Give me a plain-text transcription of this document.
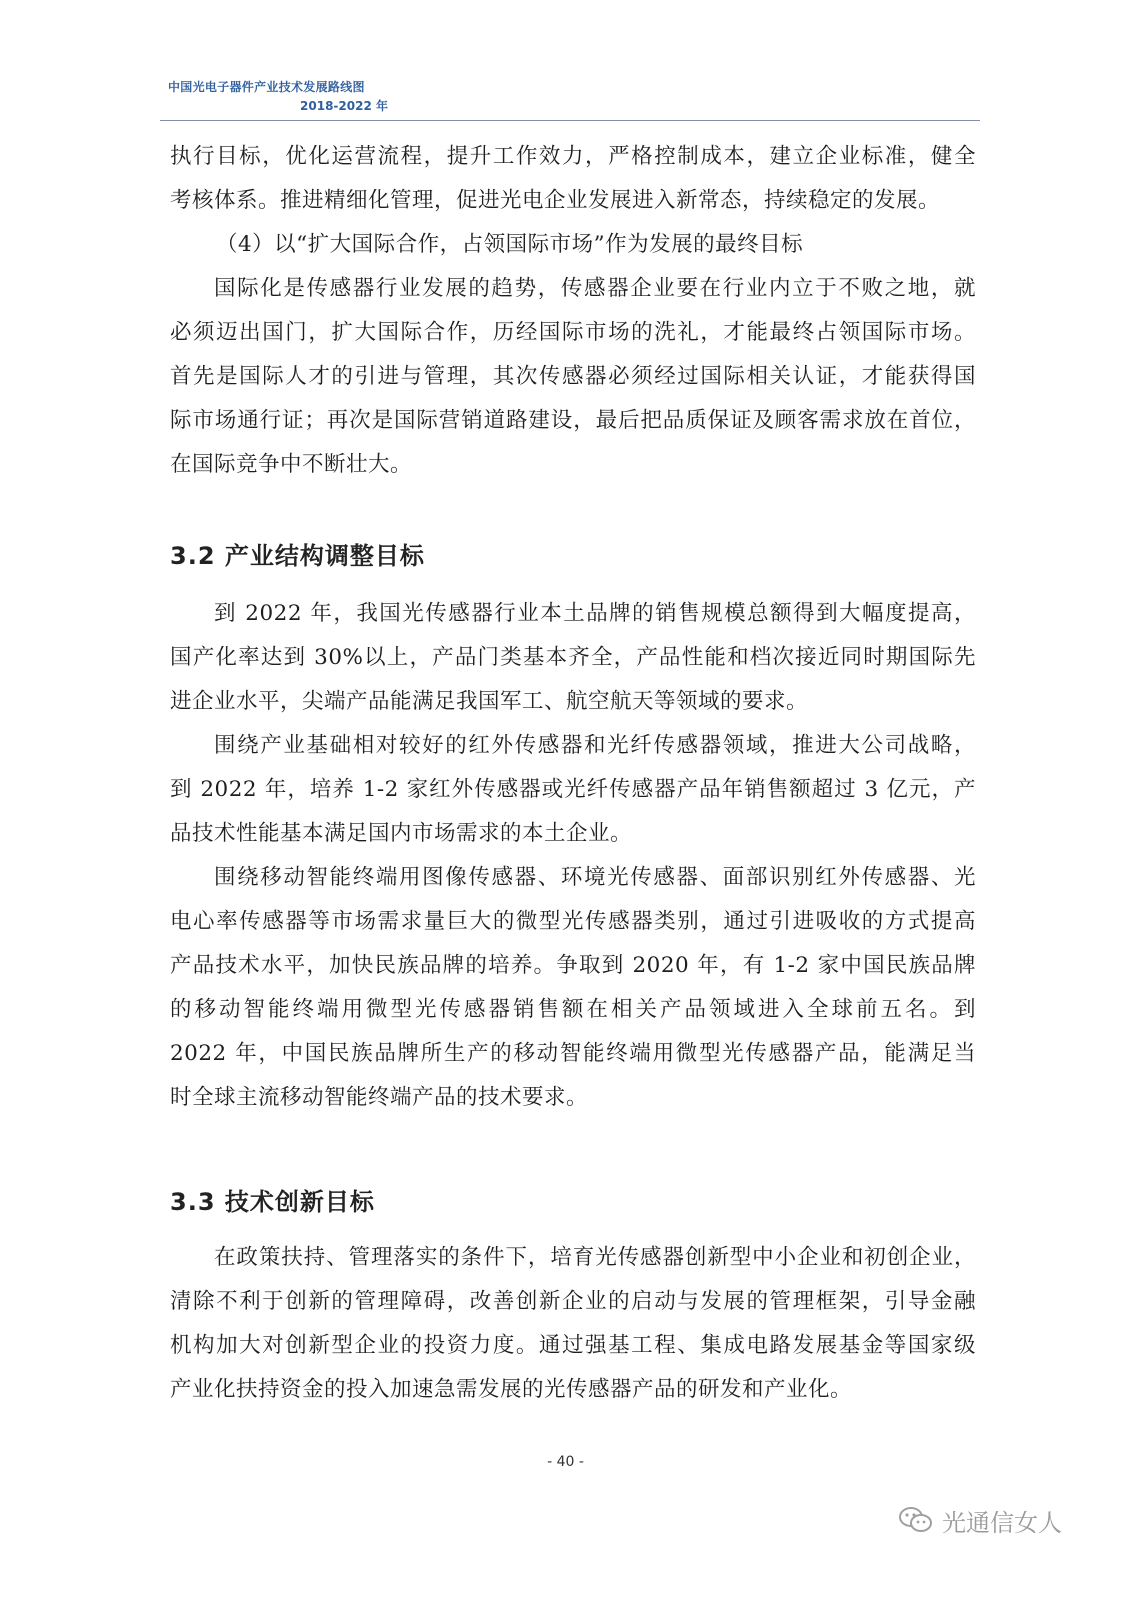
中国光电子器件产业技术发展路线图
2018-2022 年
执行目标，优化运营流程，提升工作效力，严格控制成本，建立企业标准，健全
考核体系。推进精细化管理，促进光电企业发展进入新常态，持续稳定的发展。
（4）以“扩大国际合作，占领国际市场”作为发展的最终目标
国际化是传感器行业发展的趋势，传感器企业要在行业内立于不败之地，就
必须迈出国门，扩大国际合作，历经国际市场的洗礼，才能最终占领国际市场。
首先是国际人才的引进与管理，其次传感器必须经过国际相关认证，才能获得国
际市场通行证；再次是国际营销道路建设，最后把品质保证及顾客需求放在首位，
在国际竞争中不断壮大。
3.2 产业结构调整目标
到 2022 年，我国光传感器行业本土品牌的销售规模总额得到大幅度提高，
国产化率达到 30%以上，产品门类基本齐全，产品性能和档次接近同时期国际先
进企业水平，尖端产品能满足我国军工、航空航天等领域的要求。
围绕产业基础相对较好的红外传感器和光纤传感器领域，推进大公司战略，
到 2022 年，培养 1-2 家红外传感器或光纤传感器产品年销售额超过 3 亿元，产
品技术性能基本满足国内市场需求的本土企业。
围绕移动智能终端用图像传感器、环境光传感器、面部识别红外传感器、光
电心率传感器等市场需求量巨大的微型光传感器类别，通过引进吸收的方式提高
产品技术水平，加快民族品牌的培养。争取到 2020 年，有 1-2 家中国民族品牌
的移动智能终端用微型光传感器销售额在相关产品领域进入全球前五名。到
2022 年，中国民族品牌所生产的移动智能终端用微型光传感器产品，能满足当
时全球主流移动智能终端产品的技术要求。
3.3 技术创新目标
在政策扶持、管理落实的条件下，培育光传感器创新型中小企业和初创企业，
清除不利于创新的管理障碍，改善创新企业的启动与发展的管理框架，引导金融
机构加大对创新型企业的投资力度。通过强基工程、集成电路发展基金等国家级
产业化扶持资金的投入加速急需发展的光传感器产品的研发和产业化。
- 40 -
光通信女人
